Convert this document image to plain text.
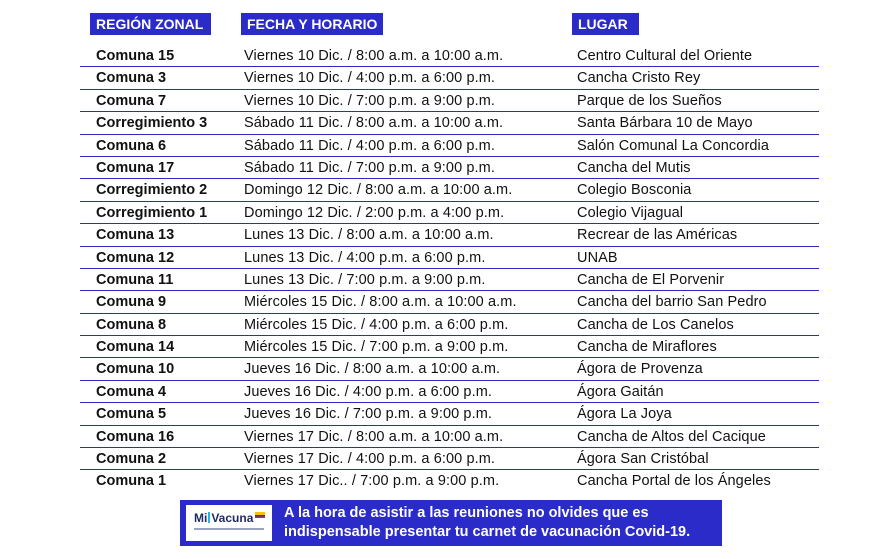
REGIÓN ZONAL	FECHA Y HORARIO	LUGAR
Comuna 15	Viernes 10 Dic. / 8:00 a.m. a 10:00 a.m.	Centro Cultural del Oriente
Comuna 3	Viernes 10 Dic. / 4:00 p.m. a 6:00 p.m.	Cancha Cristo Rey
Comuna 7	Viernes 10 Dic. / 7:00 p.m. a 9:00 p.m.	Parque de los Sueños
Corregimiento 3	Sábado 11 Dic. / 8:00 a.m. a 10:00 a.m.	Santa Bárbara 10 de Mayo
Comuna 6	Sábado 11 Dic. / 4:00 p.m. a 6:00 p.m.	Salón Comunal La Concordia
Comuna 17	Sábado 11 Dic. / 7:00 p.m. a 9:00 p.m.	Cancha del Mutis
Corregimiento 2	Domingo 12 Dic. / 8:00 a.m. a 10:00 a.m.	Colegio Bosconia
Corregimiento 1	Domingo 12 Dic. / 2:00 p.m. a 4:00 p.m.	Colegio Vijagual
Comuna 13	Lunes 13 Dic. / 8:00 a.m. a 10:00 a.m.	Recrear de las Américas
Comuna 12	Lunes 13 Dic. / 4:00 p.m. a 6:00 p.m.	UNAB
Comuna 11	Lunes 13 Dic. / 7:00 p.m. a 9:00 p.m.	Cancha de El Porvenir
Comuna 9	Miércoles 15 Dic. / 8:00 a.m. a 10:00 a.m.	Cancha del barrio San Pedro
Comuna 8	Miércoles 15 Dic. / 4:00 p.m. a 6:00 p.m.	Cancha de Los Canelos
Comuna 14	Miércoles 15 Dic. / 7:00 p.m. a 9:00 p.m.	Cancha de Miraflores
Comuna 10	Jueves 16 Dic. / 8:00 a.m. a 10:00 a.m.	Ágora de Provenza
Comuna 4	Jueves 16 Dic. / 4:00 p.m. a 6:00 p.m.	Ágora Gaitán
Comuna 5	Jueves 16 Dic. / 7:00 p.m. a 9:00 p.m.	Ágora La Joya
Comuna 16	Viernes 17 Dic. / 8:00 a.m. a 10:00 a.m.	Cancha de Altos del Cacique
Comuna 2	Viernes 17 Dic. / 4:00 p.m. a 6:00 p.m.	Ágora San Cristóbal
Comuna 1	Viernes 17 Dic.. / 7:00 p.m. a 9:00 p.m.	Cancha Portal de los Ángeles
Mi Vacuna A la hora de asistir a las reuniones no olvides que es indispensable presentar tu carnet de vacunación Covid-19.
